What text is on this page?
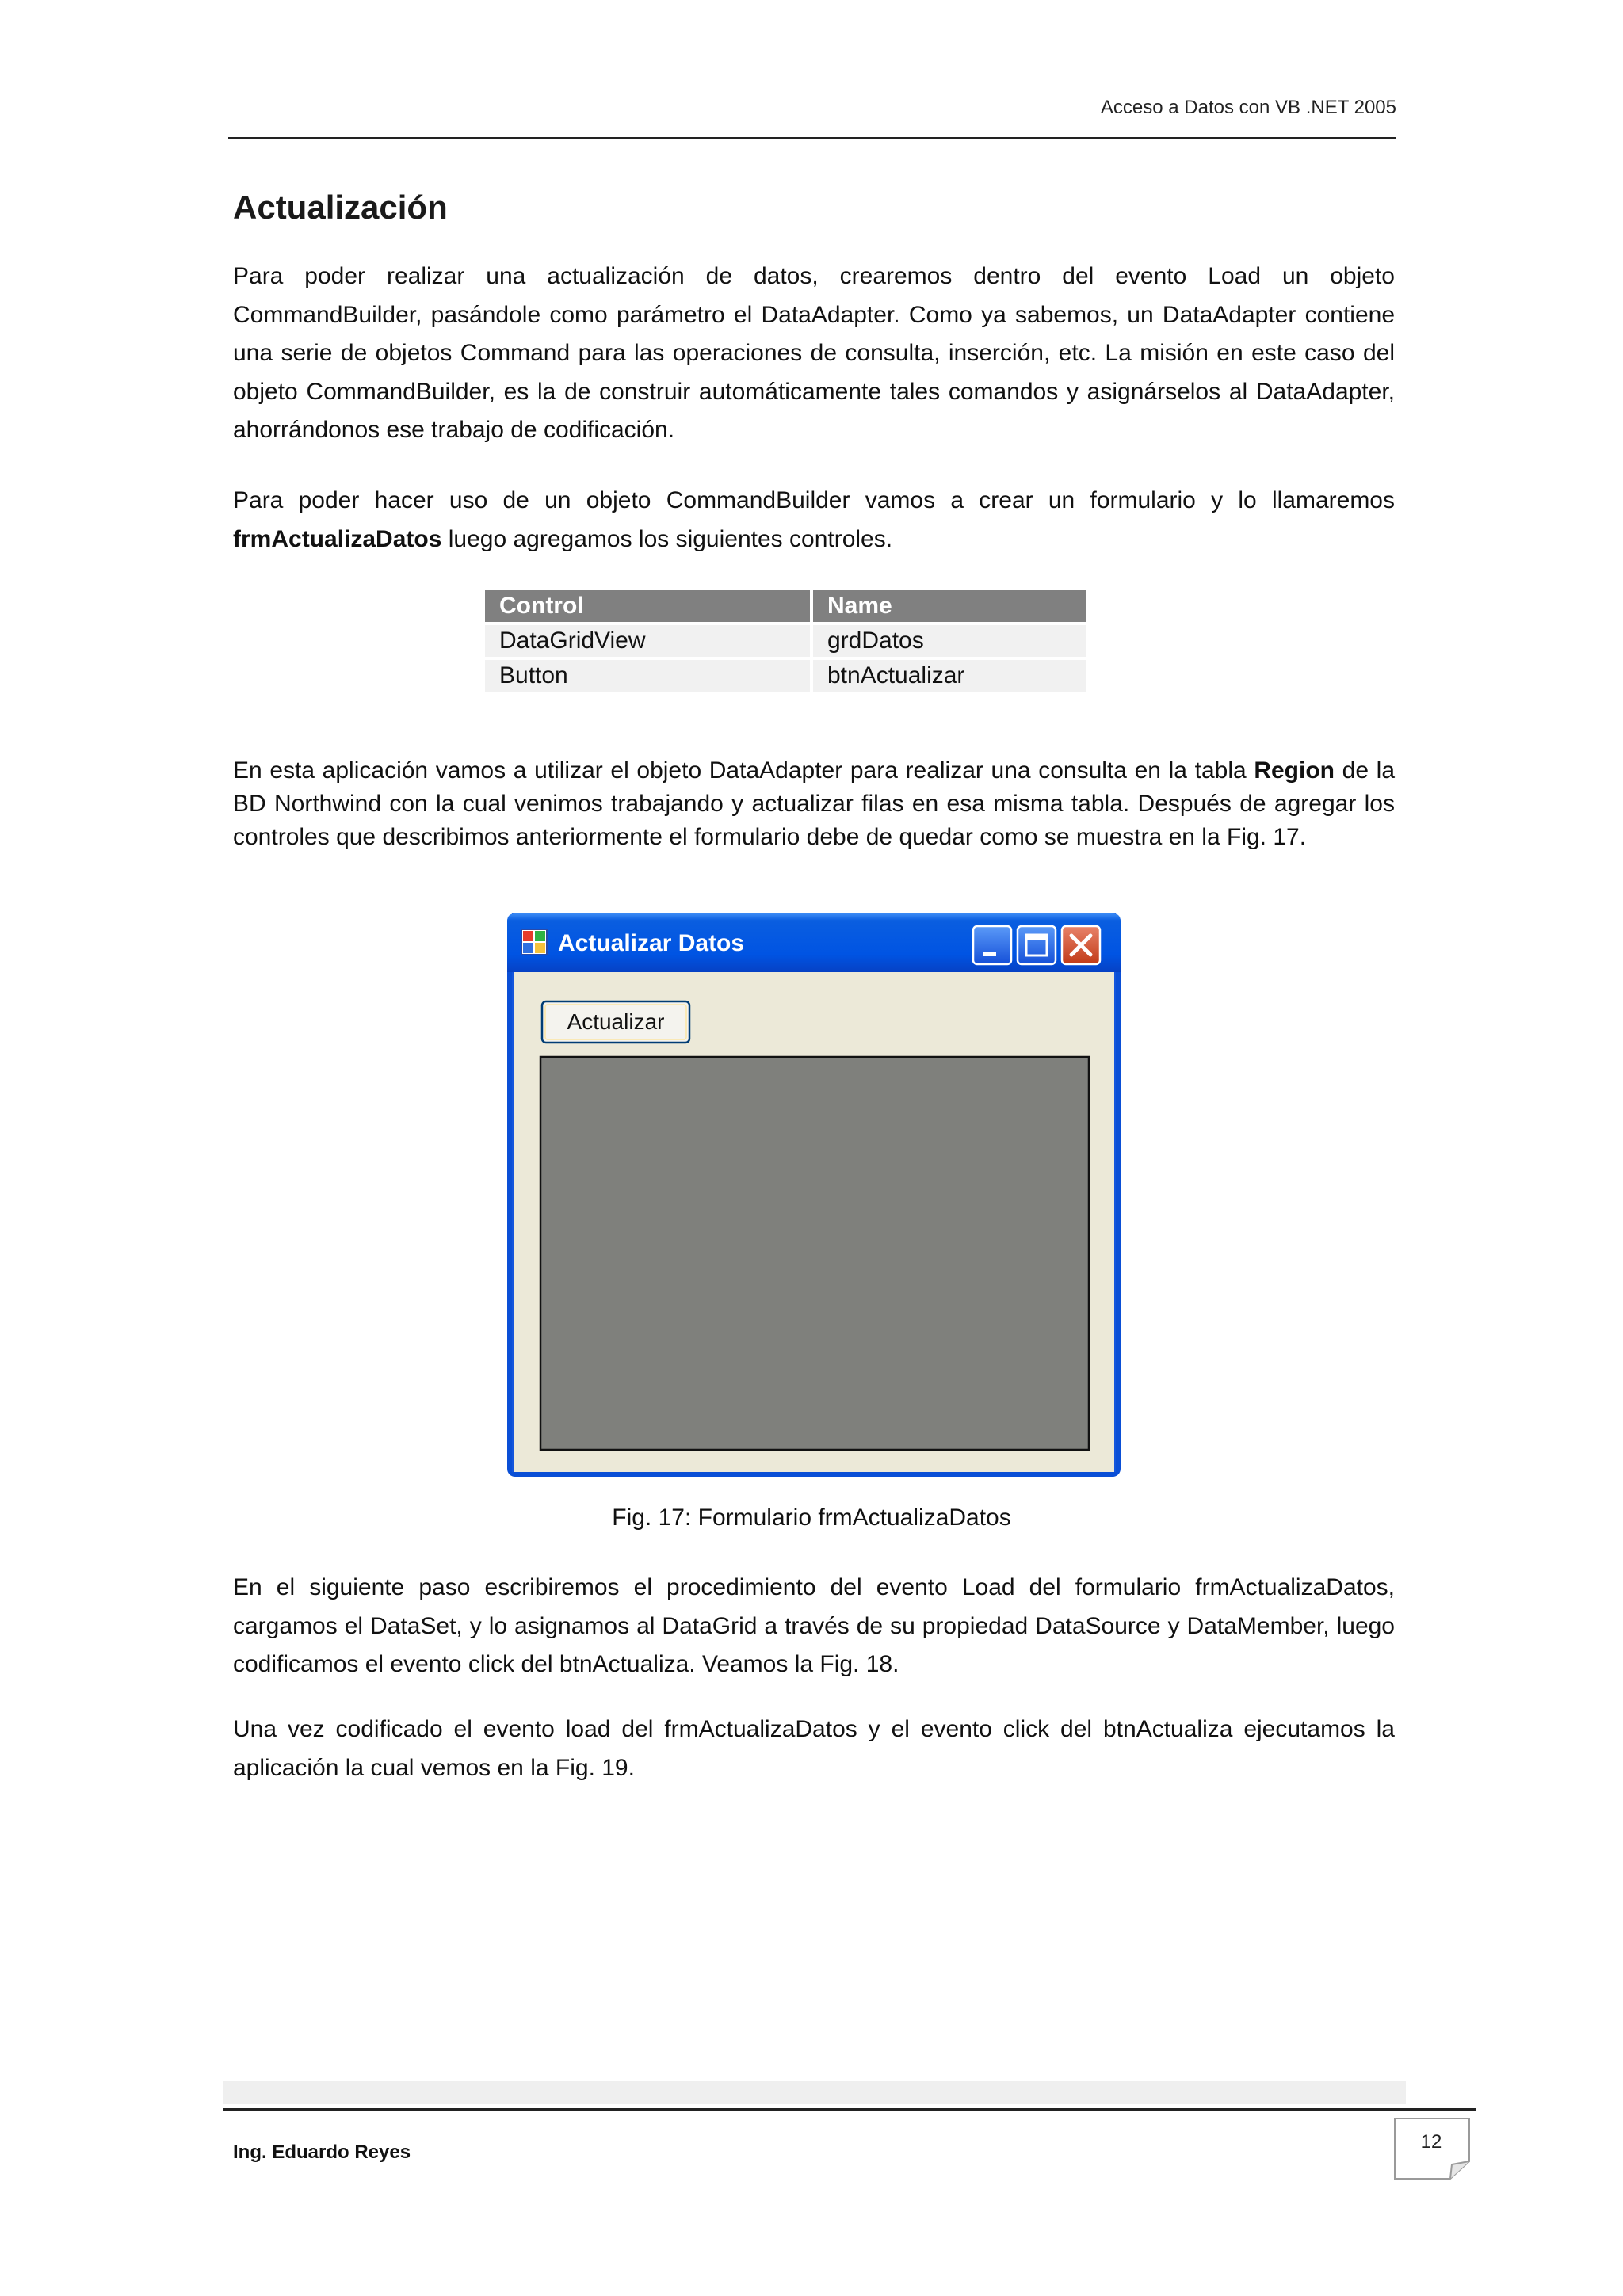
Acceso a Datos con VB .NET 2005
Actualización

Para poder realizar una actualización de datos, crearemos dentro del evento Load un objeto CommandBuilder, pasándole como parámetro el DataAdapter. Como ya sabemos, un DataAdapter contiene una serie de objetos Command para las operaciones de consulta, inserción, etc. La misión en este caso del objeto CommandBuilder, es la de construir automáticamente tales comandos y asignárselos al DataAdapter, ahorrándonos ese trabajo de codificación.

Para poder hacer uso de un objeto CommandBuilder vamos a crear un formulario y lo llamaremos frmActualizaDatos luego agregamos los siguientes controles.

Control	Name
DataGridView	grdDatos
Button	btnActualizar

En esta aplicación vamos a utilizar el objeto DataAdapter para realizar una consulta en la tabla Region de la BD Northwind con la cual venimos trabajando y actualizar filas en esa misma tabla. Después de agregar los controles que describimos anteriormente el formulario debe de quedar como se muestra en la Fig. 17.

Actualizar Datos
Actualizar
Fig. 17: Formulario frmActualizaDatos

En el siguiente paso escribiremos el procedimiento del evento Load del formulario frmActualizaDatos, cargamos el DataSet, y lo asignamos al DataGrid a través de su propiedad DataSource y DataMember, luego codificamos el evento click del btnActualiza. Veamos la Fig. 18.

Una vez codificado el evento load del frmActualizaDatos y el evento click del btnActualiza ejecutamos la aplicación la cual vemos en la Fig. 19.

Ing. Eduardo Reyes	12
